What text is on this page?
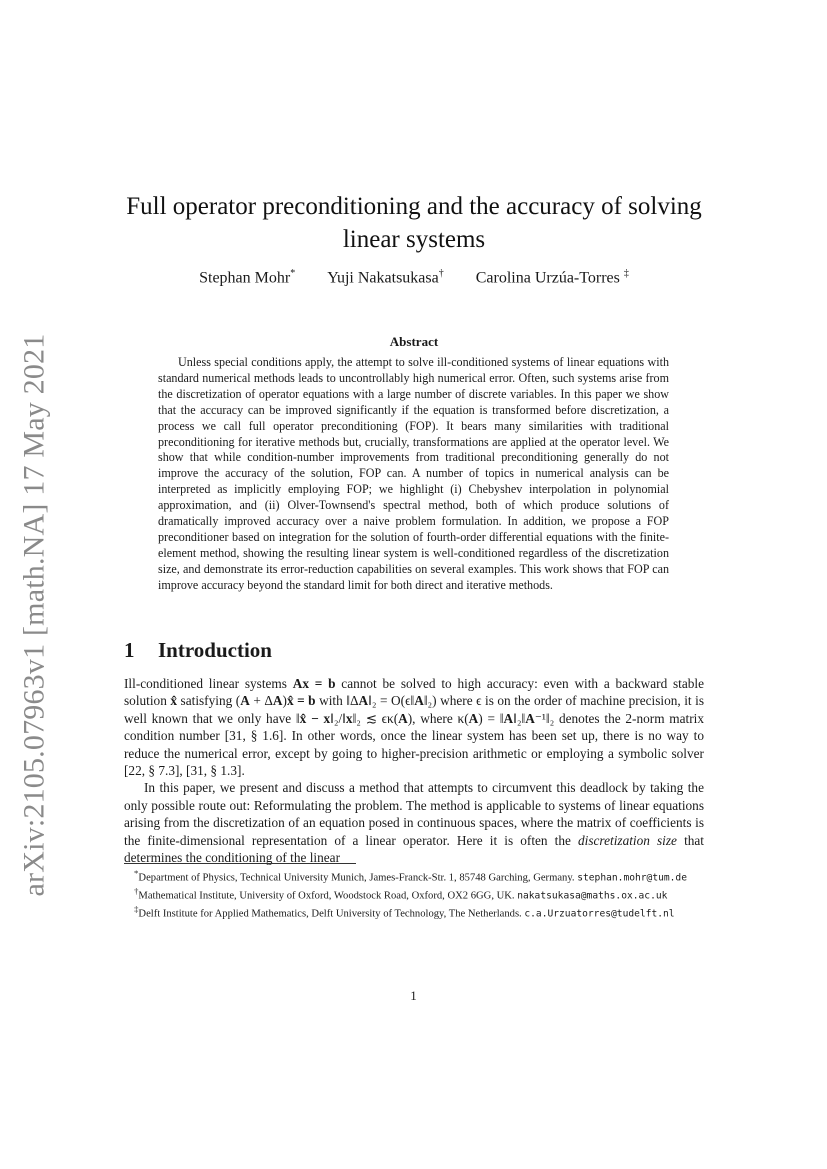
arXiv:2105.07963v1 [math.NA] 17 May 2021
Full operator preconditioning and the accuracy of solving linear systems
Stephan Mohr* Yuji Nakatsukasa† Carolina Urzúa-Torres ‡
Abstract

Unless special conditions apply, the attempt to solve ill-conditioned systems of linear equations with standard numerical methods leads to uncontrollably high numerical error. Often, such systems arise from the discretization of operator equations with a large number of discrete variables. In this paper we show that the accuracy can be improved significantly if the equation is transformed before discretization, a process we call full operator preconditioning (FOP). It bears many similarities with traditional preconditioning for iterative methods but, crucially, transformations are applied at the operator level. We show that while condition-number improvements from traditional preconditioning generally do not improve the accuracy of the solution, FOP can. A number of topics in numerical analysis can be interpreted as implicitly employing FOP; we highlight (i) Chebyshev interpolation in polynomial approximation, and (ii) Olver-Townsend's spectral method, both of which produce solutions of dramatically improved accuracy over a naive problem formulation. In addition, we propose a FOP preconditioner based on integration for the solution of fourth-order differential equations with the finite-element method, showing the resulting linear system is well-conditioned regardless of the discretization size, and demonstrate its error-reduction capabilities on several examples. This work shows that FOP can improve accuracy beyond the standard limit for both direct and iterative methods.

1 Introduction

Ill-conditioned linear systems Ax = b cannot be solved to high accuracy: even with a backward stable solution x̂ satisfying (A + ΔA)x̂ = b with ‖ΔA‖₂ = O(ϵ‖A‖₂) where ϵ is on the order of machine precision, it is well known that we only have ‖x̂ − x‖₂/‖x‖₂ ≲ ϵκ(A), where κ(A) = ‖A‖₂‖A⁻¹‖₂ denotes the 2-norm matrix condition number [31, § 1.6]. In other words, once the linear system has been set up, there is no way to reduce the numerical error, except by going to higher-precision arithmetic or employing a symbolic solver [22, § 7.3], [31, § 1.3].

In this paper, we present and discuss a method that attempts to circumvent this deadlock by taking the only possible route out: Reformulating the problem. The method is applicable to systems of linear equations arising from the discretization of an equation posed in continuous spaces, where the matrix of coefficients is the finite-dimensional representation of a linear operator. Here it is often the discretization size that determines the conditioning of the linear

*Department of Physics, Technical University Munich, James-Franck-Str. 1, 85748 Garching, Germany. stephan.mohr@tum.de

†Mathematical Institute, University of Oxford, Woodstock Road, Oxford, OX2 6GG, UK. nakatsukasa@maths.ox.ac.uk

‡Delft Institute for Applied Mathematics, Delft University of Technology, The Netherlands. c.a.Urzuatorres@tudelft.nl

1
